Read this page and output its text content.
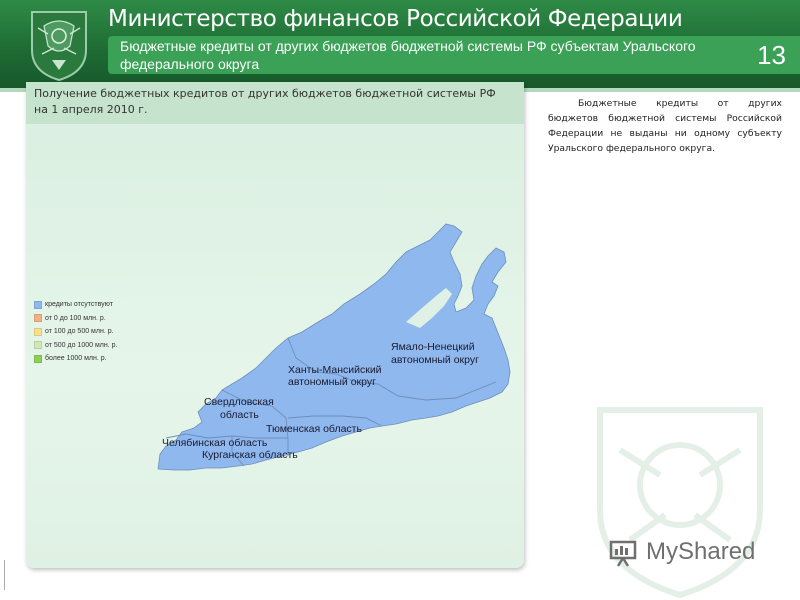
Министерство финансов Российской Федерации
Бюджетные кредиты от других бюджетов бюджетной системы РФ субъектам Уральского федерального округа	13
Получение бюджетных кредитов от других бюджетов бюджетной системы РФ на 1 апреля 2010 г.
кредиты отсутствуют
от 0 до 100 млн. р.
от 100 до 500 млн. р.
от 500 до 1000 млн. р.
более 1000 млн. р.
Ямало-Ненецкий
автономный округ
Ханты-Мансийский
автономный округ
Свердловская
область
Тюменская область
Челябинская область
Курганская область
Бюджетные кредиты от других бюджетов бюджетной системы Российской Федерации не выданы ни одному субъекту Уральского федерального округа.
MyShared
